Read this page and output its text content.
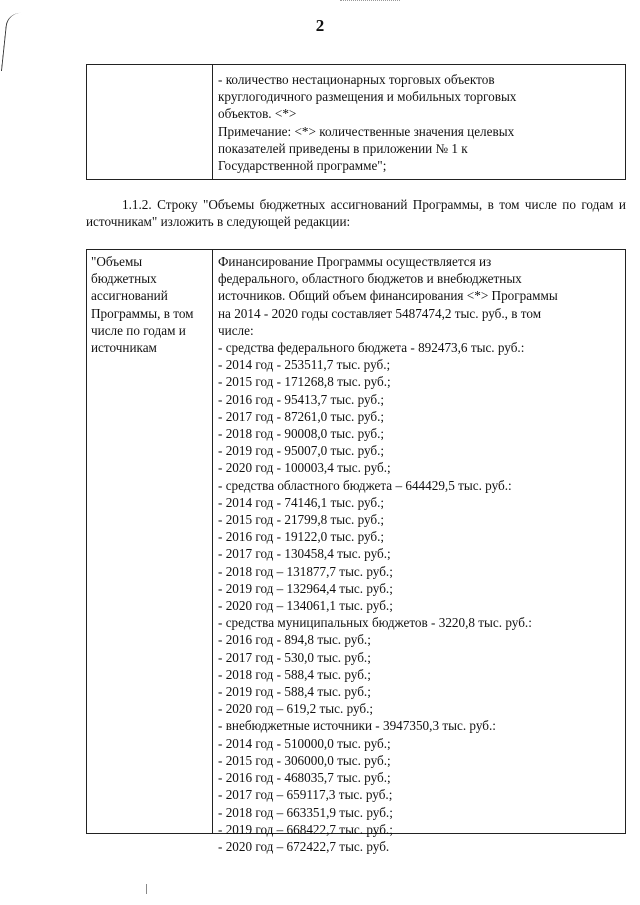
2
- количество нестационарных торговых объектов
круглогодичного размещения и мобильных торговых
объектов. <*>
Примечание: <*> количественные значения целевых
показателей приведены в приложении № 1 к
Государственной программе";
1.1.2. Строку "Объемы бюджетных ассигнований Программы, в том числе по годам и источникам" изложить в следующей редакции:
"Объемы
бюджетных
ассигнований
Программы, в том
числе по годам и
источникам
Финансирование Программы осуществляется из
федерального, областного бюджетов и внебюджетных
источников. Общий объем финансирования <*> Программы
на 2014 - 2020 годы составляет 5487474,2 тыс. руб., в том
числе:
- средства федерального бюджета - 892473,6 тыс. руб.:
- 2014 год - 253511,7 тыс. руб.;
- 2015 год - 171268,8 тыс. руб.;
- 2016 год - 95413,7 тыс. руб.;
- 2017 год - 87261,0 тыс. руб.;
- 2018 год - 90008,0 тыс. руб.;
- 2019 год - 95007,0 тыс. руб.;
- 2020 год - 100003,4 тыс. руб.;
- средства областного бюджета – 644429,5 тыс. руб.:
- 2014 год - 74146,1 тыс. руб.;
- 2015 год - 21799,8 тыс. руб.;
- 2016 год - 19122,0 тыс. руб.;
- 2017 год - 130458,4 тыс. руб.;
- 2018 год – 131877,7 тыс. руб.;
- 2019 год – 132964,4 тыс. руб.;
- 2020 год – 134061,1 тыс. руб.;
- средства муниципальных бюджетов - 3220,8 тыс. руб.:
- 2016 год - 894,8 тыс. руб.;
- 2017 год - 530,0 тыс. руб.;
- 2018 год - 588,4 тыс. руб.;
- 2019 год - 588,4 тыс. руб.;
- 2020 год – 619,2 тыс. руб.;
- внебюджетные источники - 3947350,3 тыс. руб.:
- 2014 год - 510000,0 тыс. руб.;
- 2015 год - 306000,0 тыс. руб.;
- 2016 год - 468035,7 тыс. руб.;
- 2017 год – 659117,3 тыс. руб.;
- 2018 год – 663351,9 тыс. руб.;
- 2019 год – 668422,7 тыс. руб.;
- 2020 год – 672422,7 тыс. руб.
